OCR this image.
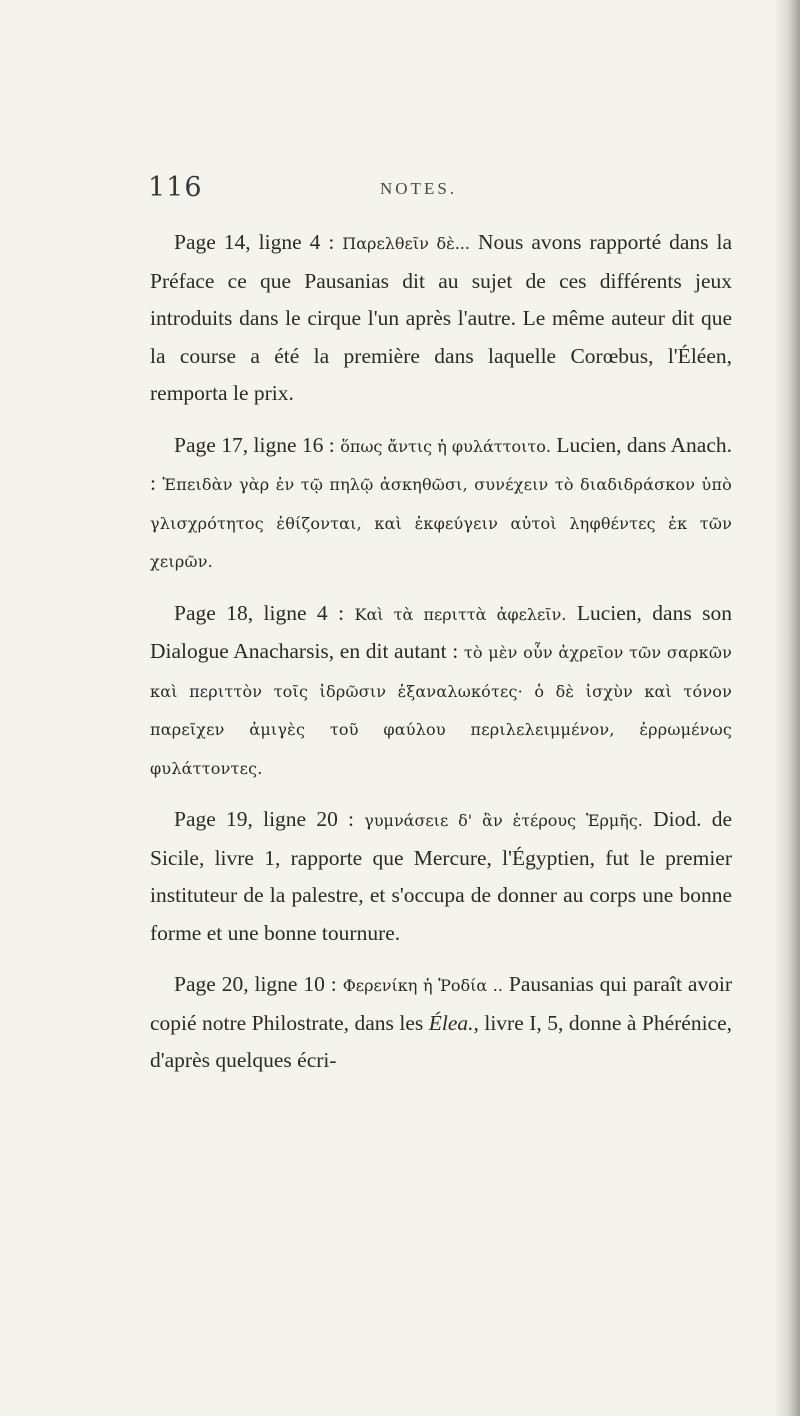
116	NOTES.

Page 14, ligne 4 : Παρελθεῖν δὲ... Nous avons rapporté dans la Préface ce que Pausanias dit au sujet de ces différents jeux introduits dans le cirque l'un après l'autre. Le même auteur dit que la course a été la première dans laquelle Corœbus, l'Éléen, remporta le prix.

Page 17, ligne 16 : ὅπως ἄντις ἡ φυλάττοιτο. Lucien, dans Anach. : Ἐπειδὰν γὰρ ἐν τῷ πηλῷ ἀσκηθῶσι, συνέχειν τὸ διαδιδράσκον ὑπὸ γλισχρότητος ἐθίζονται, καὶ ἐκφεύγειν αὐτοὶ ληφθέντες ἐκ τῶν χειρῶν.

Page 18, ligne 4 : Καὶ τὰ περιττὰ ἀφελεῖν. Lucien, dans son Dialogue Anacharsis, en dit autant : τὸ μὲν οὖν ἀχρεῖον τῶν σαρκῶν καὶ περιττὸν τοῖς ἱδρῶσιν ἐξαναλωκότες· ὁ δὲ ἰσχὺν καὶ τόνον παρεῖχεν ἀμιγὲς τοῦ φαύλου περιλελειμμένον, ἐρρωμένως φυλάττοντες.

Page 19, ligne 20 : γυμνάσειε δ' ἂν ἑτέρους Ἑρμῆς. Diod. de Sicile, livre 1, rapporte que Mercure, l'Égyptien, fut le premier instituteur de la palestre, et s'occupa de donner au corps une bonne forme et une bonne tournure.

Page 20, ligne 10 : Φερενίκη ἡ Ῥοδία .. Pausanias qui paraît avoir copié notre Philostrate, dans les Élea., livre I, 5, donne à Phérénice, d'après quelques écri-
